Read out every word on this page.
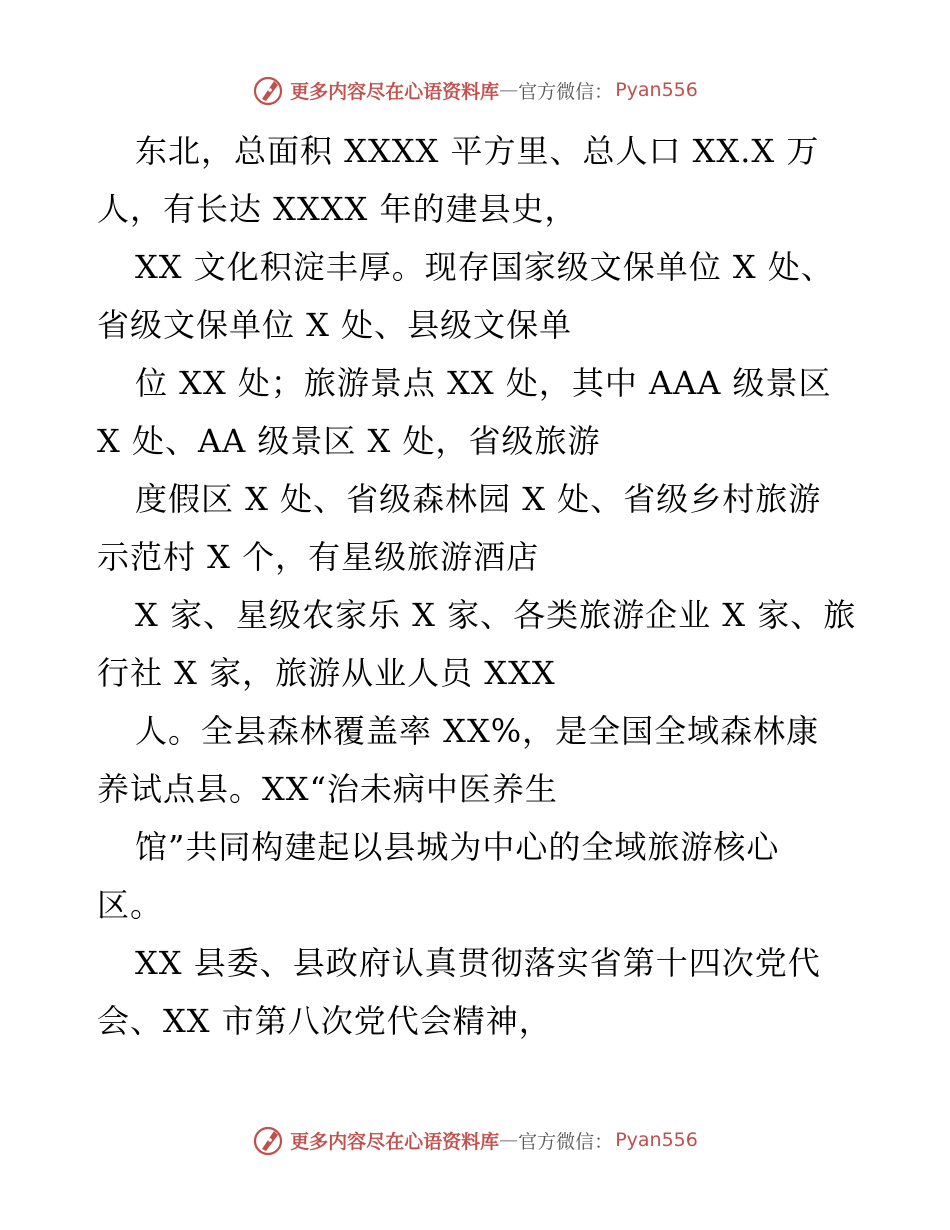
更多内容尽在心语资料库 — 官方微信： Pyan556
东北，总面积 XXXX 平方里、总人口 XX.X 万
人，有长达 XXXX 年的建县史，
XX 文化积淀丰厚。现存国家级文保单位 X 处、
省级文保单位 X 处、县级文保单
位 XX 处；旅游景点 XX 处，其中 AAA 级景区
X 处、AA 级景区 X 处，省级旅游
度假区 X 处、省级森林园 X 处、省级乡村旅游
示范村 X 个，有星级旅游酒店
X 家、星级农家乐 X 家、各类旅游企业 X 家、旅
行社 X 家，旅游从业人员 XXX
人。全县森林覆盖率 XX%，是全国全域森林康
养试点县。XX“治未病中医养生
馆”共同构建起以县城为中心的全域旅游核心
区。
XX 县委、县政府认真贯彻落实省第十四次党代
会、XX 市第八次党代会精神，
更多内容尽在心语资料库 — 官方微信： Pyan556
